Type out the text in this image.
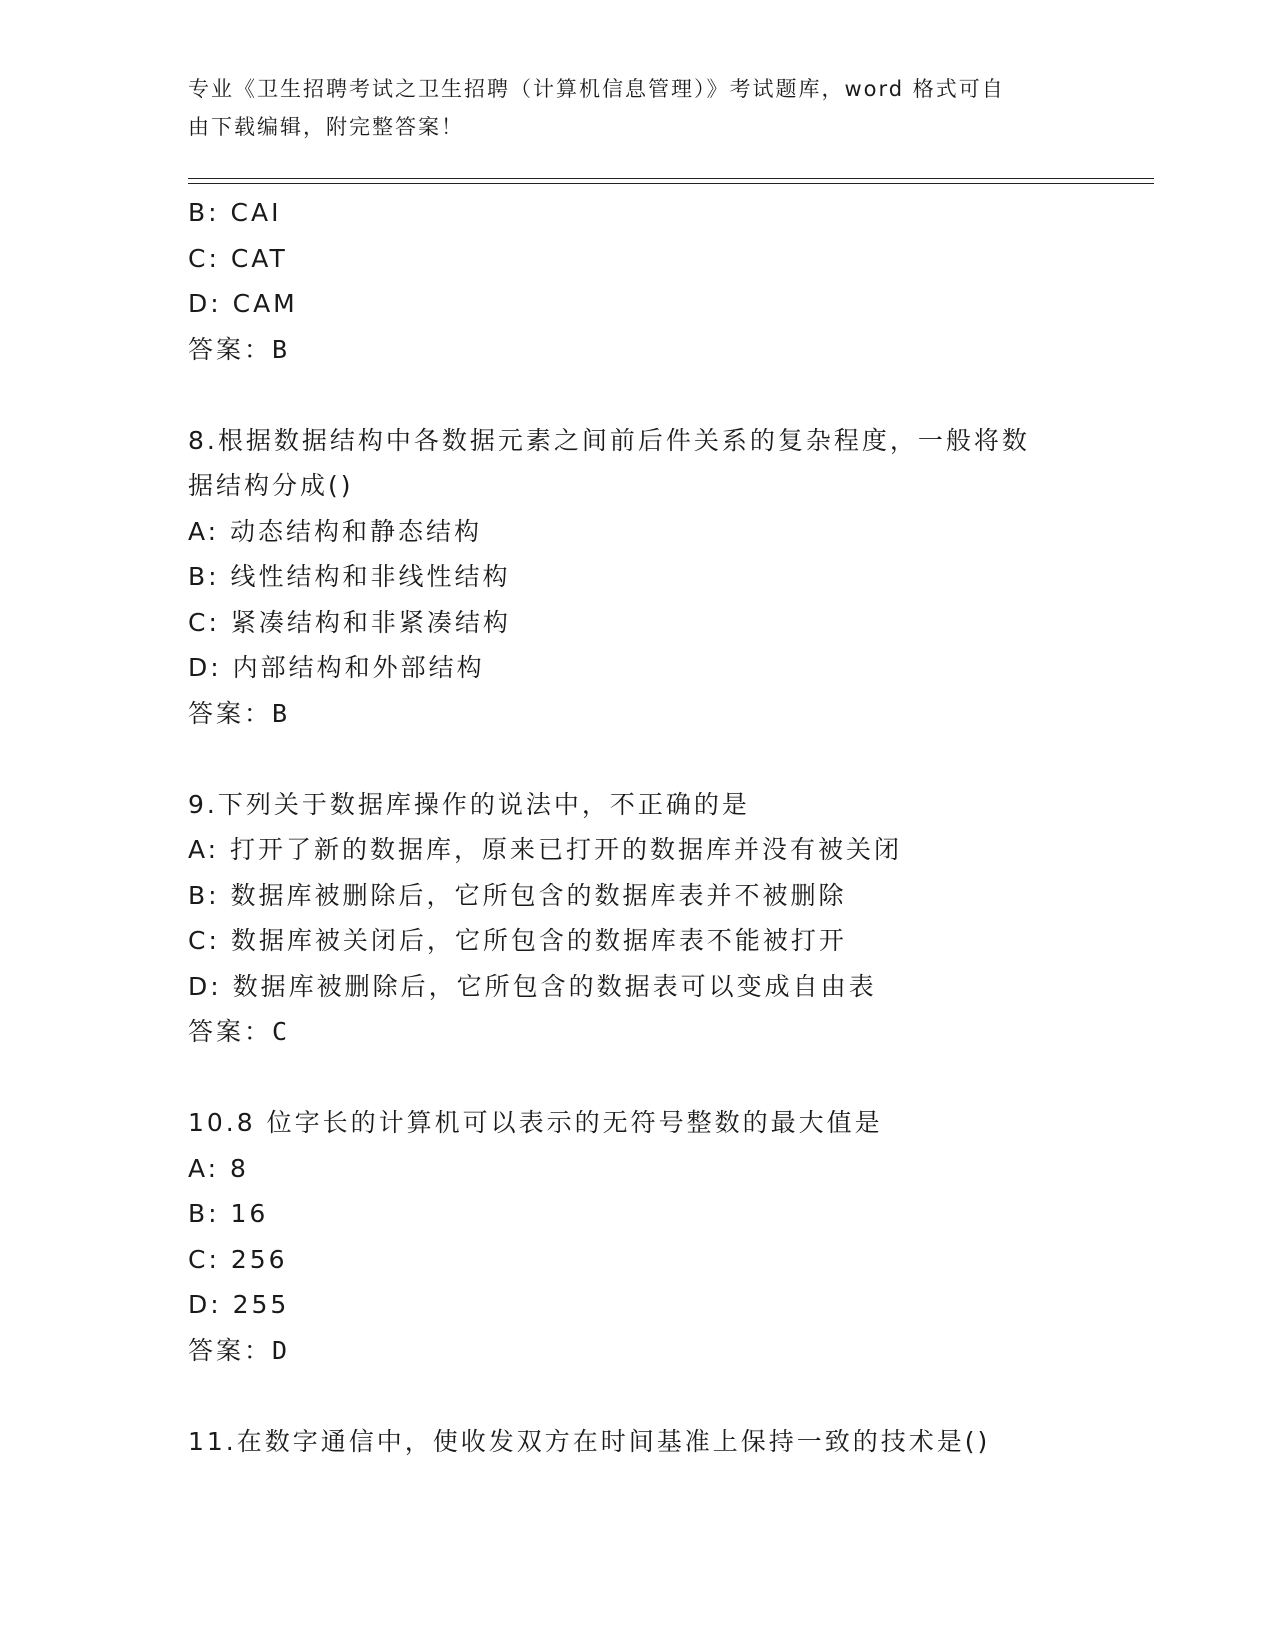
专业《卫生招聘考试之卫生招聘（计算机信息管理）》考试题库，word 格式可自
由下载编辑，附完整答案！
B: CAI
C: CAT
D: CAM
答案：B
8.根据数据结构中各数据元素之间前后件关系的复杂程度，一般将数
据结构分成()
A: 动态结构和静态结构
B: 线性结构和非线性结构
C: 紧凑结构和非紧凑结构
D: 内部结构和外部结构
答案：B
9.下列关于数据库操作的说法中，不正确的是
A: 打开了新的数据库，原来已打开的数据库并没有被关闭
B: 数据库被删除后，它所包含的数据库表并不被删除
C: 数据库被关闭后，它所包含的数据库表不能被打开
D: 数据库被删除后，它所包含的数据表可以变成自由表
答案：C
10.8 位字长的计算机可以表示的无符号整数的最大值是
A: 8
B: 16
C: 256
D: 255
答案：D
11.在数字通信中，使收发双方在时间基准上保持一致的技术是()
